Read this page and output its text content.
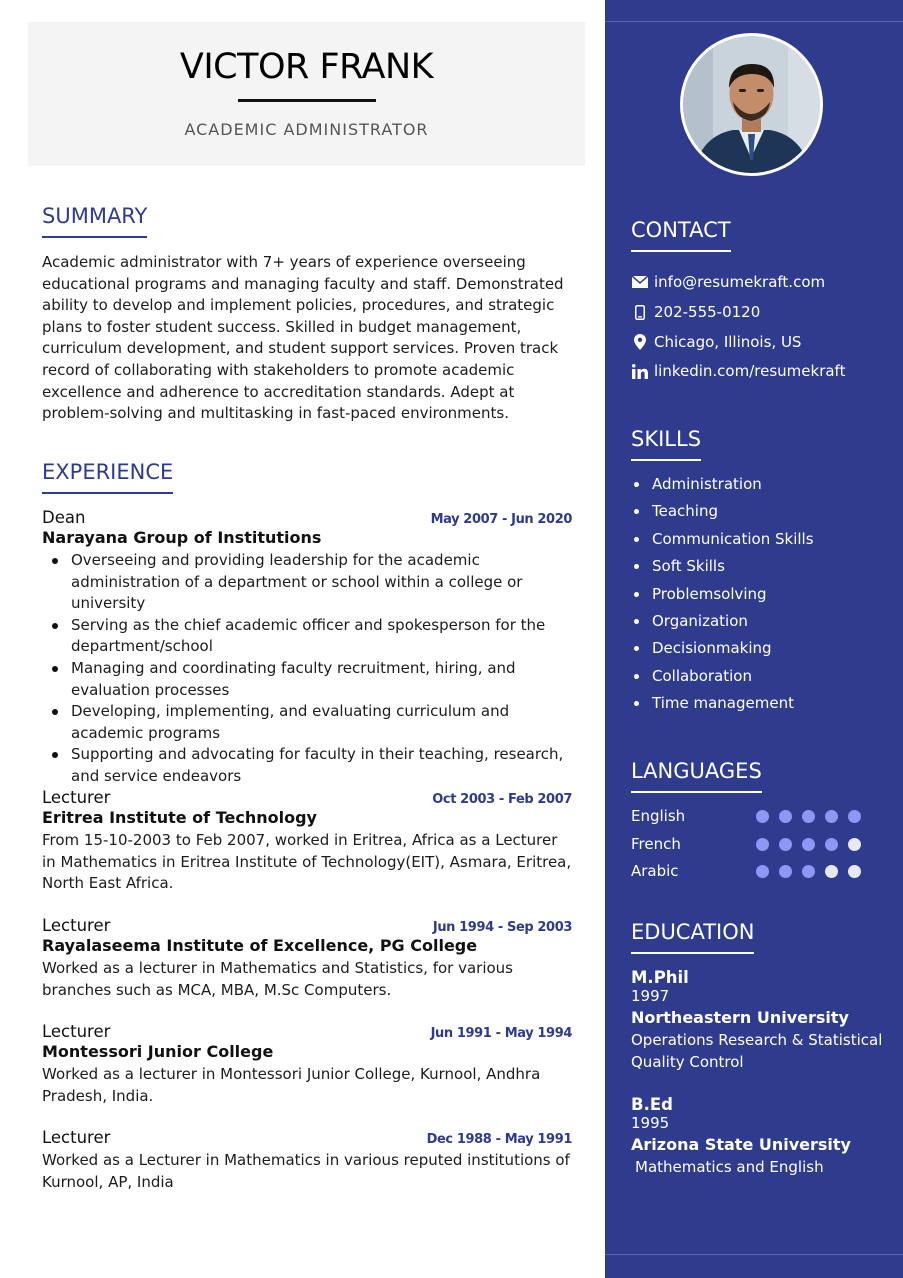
VICTOR FRANK
ACADEMIC ADMINISTRATOR
SUMMARY
Academic administrator with 7+ years of experience overseeing educational programs and managing faculty and staff. Demonstrated ability to develop and implement policies, procedures, and strategic plans to foster student success. Skilled in budget management, curriculum development, and student support services. Proven track record of collaborating with stakeholders to promote academic excellence and adherence to accreditation standards. Adept at problem-solving and multitasking in fast-paced environments.
EXPERIENCE
Dean	May 2007 - Jun 2020
Narayana Group of Institutions
Overseeing and providing leadership for the academic administration of a department or school within a college or university
Serving as the chief academic officer and spokesperson for the department/school
Managing and coordinating faculty recruitment, hiring, and evaluation processes
Developing, implementing, and evaluating curriculum and academic programs
Supporting and advocating for faculty in their teaching, research, and service endeavors
Lecturer	Oct 2003 - Feb 2007
Eritrea Institute of Technology
From 15-10-2003 to Feb 2007, worked in Eritrea, Africa as a Lecturer in Mathematics in Eritrea Institute of Technology(EIT), Asmara, Eritrea, North East Africa.
Lecturer	Jun 1994 - Sep 2003
Rayalaseema Institute of Excellence, PG College
Worked as a lecturer in Mathematics and Statistics, for various branches such as MCA, MBA, M.Sc Computers.
Lecturer	Jun 1991 - May 1994
Montessori Junior College
Worked as a lecturer in Montessori Junior College, Kurnool, Andhra Pradesh, India.
Lecturer	Dec 1988 - May 1991
Worked as a Lecturer in Mathematics in various reputed institutions of Kurnool, AP, India
CONTACT
info@resumekraft.com
202-555-0120
Chicago, Illinois, US
linkedin.com/resumekraft
SKILLS
Administration
Teaching
Communication Skills
Soft Skills
Problemsolving
Organization
Decisionmaking
Collaboration
Time management
LANGUAGES
English
French
Arabic
EDUCATION
M.Phil
1997
Northeastern University
Operations Research & Statistical Quality Control
B.Ed
1995
Arizona State University
Mathematics and English
